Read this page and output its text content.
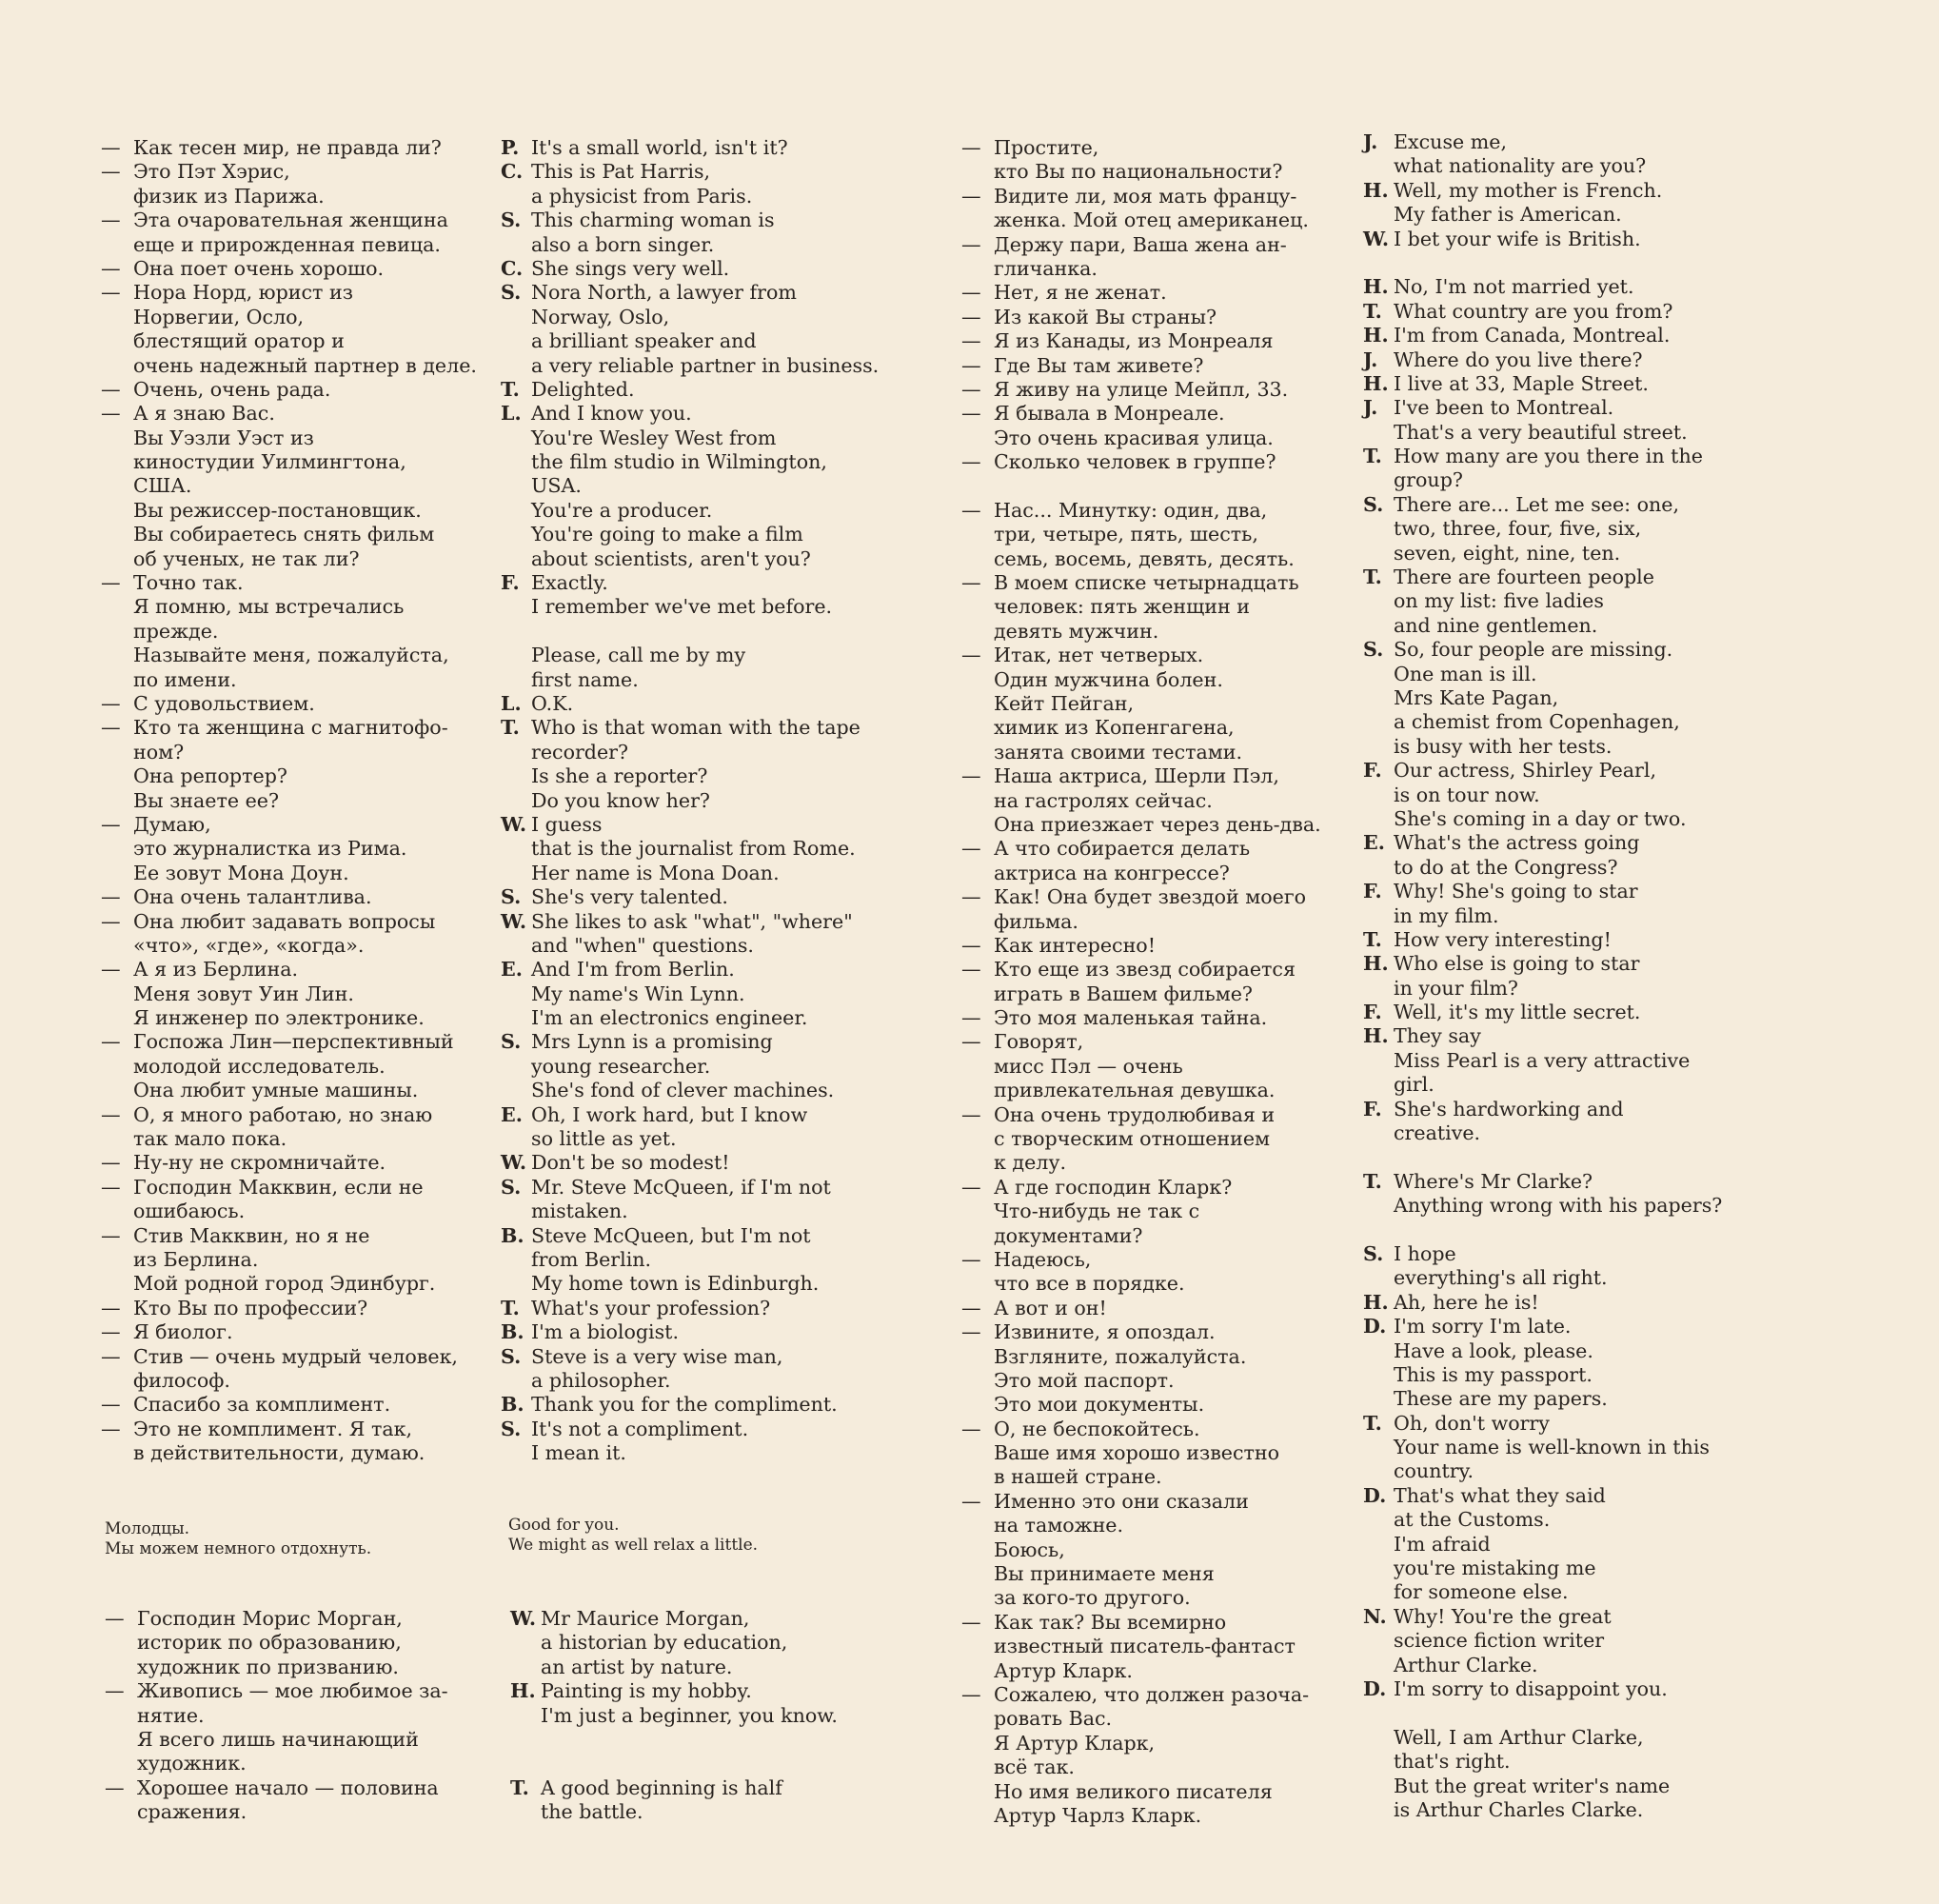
— Как тесен мир, не правда ли?
— Это Пэт Хэрис,
физик из Парижа.
— Эта очаровательная женщина
еще и прирожденная певица.
— Она поет очень хорошо.
— Нора Норд, юрист из
Норвегии, Осло,
блестящий оратор и
очень надежный партнер в деле.
— Очень, очень рада.
— А я знаю Вас.
Вы Уэзли Уэст из
киностудии Уилмингтона,
США.
Вы режиссер-постановщик.
Вы собираетесь снять фильм
об ученых, не так ли?
— Точно так.
Я помню, мы встречались
прежде.
Называйте меня, пожалуйста,
по имени.
— С удовольствием.
— Кто та женщина с магнитофо-
ном?
Она репортер?
Вы знаете ее?
— Думаю,
это журналистка из Рима.
Ее зовут Мона Доун.
— Она очень талантлива.
— Она любит задавать вопросы
«что», «где», «когда».
— А я из Берлина.
Меня зовут Уин Лин.
Я инженер по электронике.
— Госпожа Лин—перспективный
молодой исследователь.
Она любит умные машины.
— О, я много работаю, но знаю
так мало пока.
— Ну-ну не скромничайте.
— Господин Макквин, если не
ошибаюсь.
— Стив Макквин, но я не
из Берлина.
Мой родной город Эдинбург.
— Кто Вы по профессии?
— Я биолог.
— Стив — очень мудрый человек,
философ.
— Спасибо за комплимент.
— Это не комплимент. Я так,
в действительности, думаю.
Молодцы.
Мы можем немного отдохнуть.
— Господин Морис Морган,
историк по образованию,
художник по призванию.
— Живопись — мое любимое за-
нятие.
Я всего лишь начинающий
художник.
— Хорошее начало — половина
сражения.
P. It's a small world, isn't it?
C. This is Pat Harris,
a physicist from Paris.
S. This charming woman is
also a born singer.
C. She sings very well.
S. Nora North, a lawyer from
Norway, Oslo,
a brilliant speaker and
a very reliable partner in business.
T. Delighted.
L. And I know you.
You're Wesley West from
the film studio in Wilmington,
USA.
You're a producer.
You're going to make a film
about scientists, aren't you?
F. Exactly.
I remember we've met before.
Please, call me by my
first name.
L. O.K.
T. Who is that woman with the tape
recorder?
Is she a reporter?
Do you know her?
W. I guess
that is the journalist from Rome.
Her name is Mona Doan.
S. She's very talented.
W. She likes to ask "what", "where"
and "when" questions.
E. And I'm from Berlin.
My name's Win Lynn.
I'm an electronics engineer.
S. Mrs Lynn is a promising
young researcher.
She's fond of clever machines.
E. Oh, I work hard, but I know
so little as yet.
W. Don't be so modest!
S. Mr. Steve McQueen, if I'm not
mistaken.
B. Steve McQueen, but I'm not
from Berlin.
My home town is Edinburgh.
T. What's your profession?
B. I'm a biologist.
S. Steve is a very wise man,
a philosopher.
B. Thank you for the compliment.
S. It's not a compliment.
I mean it.
Good for you.
We might as well relax a little.
W. Mr Maurice Morgan,
a historian by education,
an artist by nature.
H. Painting is my hobby.
I'm just a beginner, you know.
T. A good beginning is half
the battle.
— Простите,
кто Вы по национальности?
— Видите ли, моя мать францу-
женка. Мой отец американец.
— Держу пари, Ваша жена ан-
гличанка.
— Нет, я не женат.
— Из какой Вы страны?
— Я из Канады, из Монреаля
— Где Вы там живете?
— Я живу на улице Мейпл, 33.
— Я бывала в Монреале.
Это очень красивая улица.
— Сколько человек в группе?
— Нас... Минутку: один, два,
три, четыре, пять, шесть,
семь, восемь, девять, десять.
— В моем списке четырнадцать
человек: пять женщин и
девять мужчин.
— Итак, нет четверых.
Один мужчина болен.
Кейт Пейган,
химик из Копенгагена,
занята своими тестами.
— Наша актриса, Шерли Пэл,
на гастролях сейчас.
Она приезжает через день-два.
— А что собирается делать
актриса на конгрессе?
— Как! Она будет звездой моего
фильма.
— Как интересно!
— Кто еще из звезд собирается
играть в Вашем фильме?
— Это моя маленькая тайна.
— Говорят,
мисс Пэл — очень
привлекательная девушка.
— Она очень трудолюбивая и
с творческим отношением
к делу.
— А где господин Кларк?
Что-нибудь не так с
документами?
— Надеюсь,
что все в порядке.
— А вот и он!
— Извините, я опоздал.
Взгляните, пожалуйста.
Это мой паспорт.
Это мои документы.
— О, не беспокойтесь.
Ваше имя хорошо известно
в нашей стране.
— Именно это они сказали
на таможне.
Боюсь,
Вы принимаете меня
за кого-то другого.
— Как так? Вы всемирно
известный писатель-фантаст
Артур Кларк.
— Сожалею, что должен разоча-
ровать Вас.
Я Артур Кларк,
всё так.
Но имя великого писателя
Артур Чарлз Кларк.
J. Excuse me,
what nationality are you?
H. Well, my mother is French.
My father is American.
W. I bet your wife is British.
H. No, I'm not married yet.
T. What country are you from?
H. I'm from Canada, Montreal.
J. Where do you live there?
H. I live at 33, Maple Street.
J. I've been to Montreal.
That's a very beautiful street.
T. How many are you there in the
group?
S. There are... Let me see: one,
two, three, four, five, six,
seven, eight, nine, ten.
T. There are fourteen people
on my list: five ladies
and nine gentlemen.
S. So, four people are missing.
One man is ill.
Mrs Kate Pagan,
a chemist from Copenhagen,
is busy with her tests.
F. Our actress, Shirley Pearl,
is on tour now.
She's coming in a day or two.
E. What's the actress going
to do at the Congress?
F. Why! She's going to star
in my film.
T. How very interesting!
H. Who else is going to star
in your film?
F. Well, it's my little secret.
H. They say
Miss Pearl is a very attractive
girl.
F. She's hardworking and
creative.
T. Where's Mr Clarke?
Anything wrong with his papers?
S. I hope
everything's all right.
H. Ah, here he is!
D. I'm sorry I'm late.
Have a look, please.
This is my passport.
These are my papers.
T. Oh, don't worry
Your name is well-known in this
country.
D. That's what they said
at the Customs.
I'm afraid
you're mistaking me
for someone else.
N. Why! You're the great
science fiction writer
Arthur Clarke.
D. I'm sorry to disappoint you.
Well, I am Arthur Clarke,
that's right.
But the great writer's name
is Arthur Charles Clarke.
